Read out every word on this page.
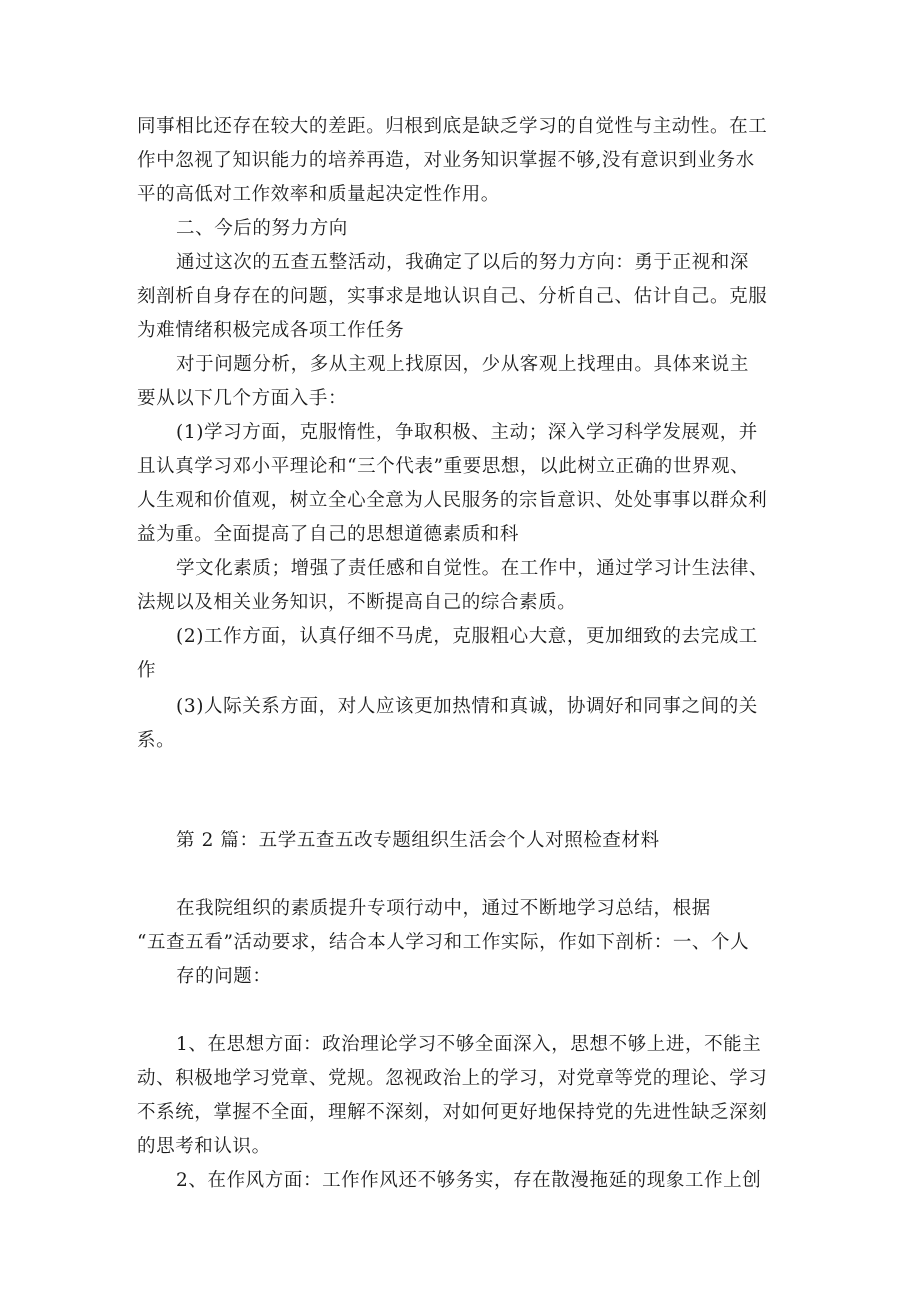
同事相比还存在较大的差距。归根到底是缺乏学习的自觉性与主动性。在工
作中忽视了知识能力的培养再造，对业务知识掌握不够,没有意识到业务水
平的高低对工作效率和质量起决定性作用。
二、今后的努力方向
通过这次的五查五整活动，我确定了以后的努力方向：勇于正视和深
刻剖析自身存在的问题，实事求是地认识自己、分析自己、估计自己。克服
为难情绪积极完成各项工作任务
对于问题分析，多从主观上找原因，少从客观上找理由。具体来说主
要从以下几个方面入手：
(1)学习方面，克服惰性，争取积极、主动；深入学习科学发展观，并
且认真学习邓小平理论和“三个代表”重要思想，以此树立正确的世界观、
人生观和价值观，树立全心全意为人民服务的宗旨意识、处处事事以群众利
益为重。全面提高了自己的思想道德素质和科
学文化素质；增强了责任感和自觉性。在工作中，通过学习计生法律、
法规以及相关业务知识，不断提高自己的综合素质。
(2)工作方面，认真仔细不马虎，克服粗心大意，更加细致的去完成工
作
(3)人际关系方面，对人应该更加热情和真诚，协调好和同事之间的关
系。
第 2 篇：五学五查五改专题组织生活会个人对照检查材料
在我院组织的素质提升专项行动中，通过不断地学习总结，根据
“五查五看”活动要求，结合本人学习和工作实际，作如下剖析：一、个人
存的问题：
1、在思想方面：政治理论学习不够全面深入，思想不够上进，不能主
动、积极地学习党章、党规。忽视政治上的学习，对党章等党的理论、学习
不系统，掌握不全面，理解不深刻，对如何更好地保持党的先进性缺乏深刻
的思考和认识。
2、在作风方面：工作作风还不够务实，存在散漫拖延的现象工作上创
